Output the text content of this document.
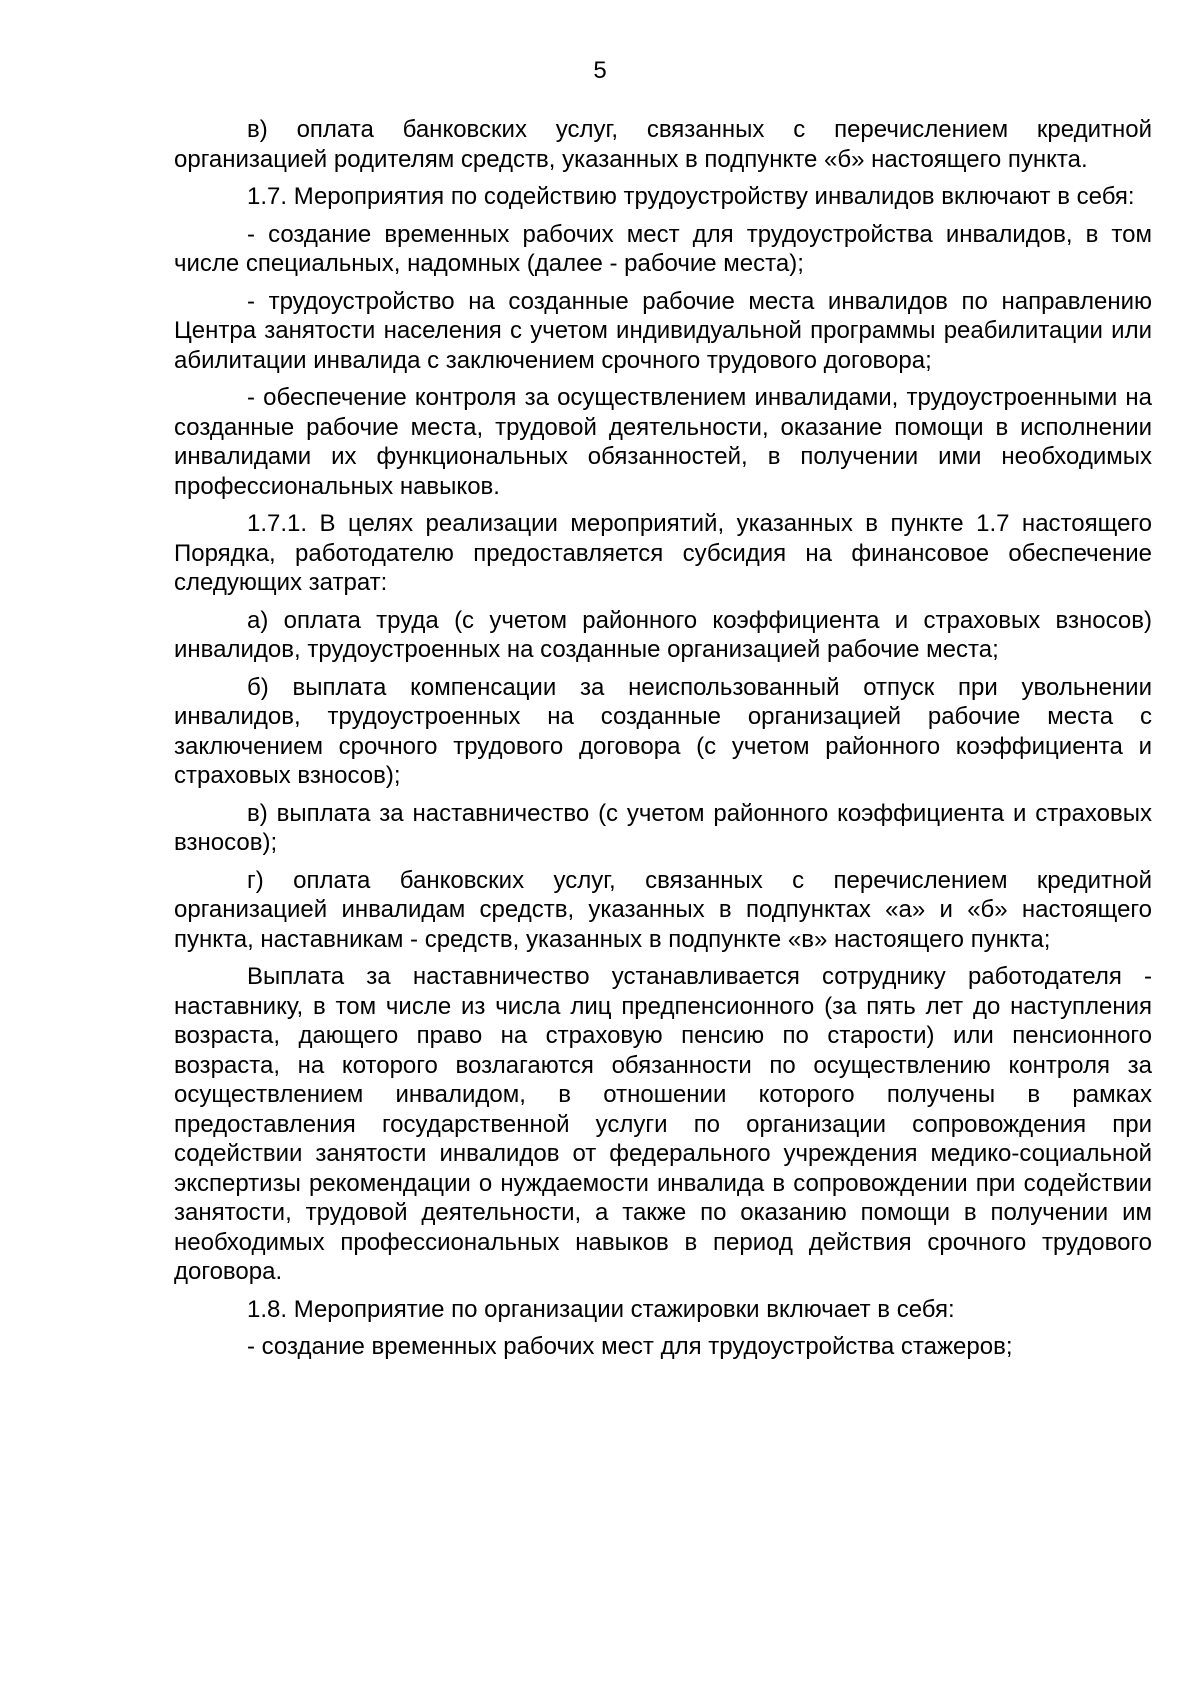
5

в) оплата банковских услуг, связанных с перечислением кредитной организацией родителям средств, указанных в подпункте «б» настоящего пункта.

1.7. Мероприятия по содействию трудоустройству инвалидов включают в себя:

- создание временных рабочих мест для трудоустройства инвалидов, в том числе специальных, надомных (далее - рабочие места);

- трудоустройство на созданные рабочие места инвалидов по направлению Центра занятости населения с учетом индивидуальной программы реабилитации или абилитации инвалида с заключением срочного трудового договора;

- обеспечение контроля за осуществлением инвалидами, трудоустроенными на созданные рабочие места, трудовой деятельности, оказание помощи в исполнении инвалидами их функциональных обязанностей, в получении ими необходимых профессиональных навыков.

1.7.1. В целях реализации мероприятий, указанных в пункте 1.7 настоящего Порядка, работодателю предоставляется субсидия на финансовое обеспечение следующих затрат:

а) оплата труда (с учетом районного коэффициента и страховых взносов) инвалидов, трудоустроенных на созданные организацией рабочие места;

б) выплата компенсации за неиспользованный отпуск при увольнении инвалидов, трудоустроенных на созданные организацией рабочие места с заключением срочного трудового договора (с учетом районного коэффициента и страховых взносов);

в) выплата за наставничество (с учетом районного коэффициента и страховых взносов);

г) оплата банковских услуг, связанных с перечислением кредитной организацией инвалидам средств, указанных в подпунктах «а» и «б» настоящего пункта, наставникам - средств, указанных в подпункте «в» настоящего пункта;

Выплата за наставничество устанавливается сотруднику работодателя - наставнику, в том числе из числа лиц предпенсионного (за пять лет до наступления возраста, дающего право на страховую пенсию по старости) или пенсионного возраста, на которого возлагаются обязанности по осуществлению контроля за осуществлением инвалидом, в отношении которого получены в рамках предоставления государственной услуги по организации сопровождения при содействии занятости инвалидов от федерального учреждения медико-социальной экспертизы рекомендации о нуждаемости инвалида в сопровождении при содействии занятости, трудовой деятельности, а также по оказанию помощи в получении им необходимых профессиональных навыков в период действия срочного трудового договора.

1.8. Мероприятие по организации стажировки включает в себя:

- создание временных рабочих мест для трудоустройства стажеров;
